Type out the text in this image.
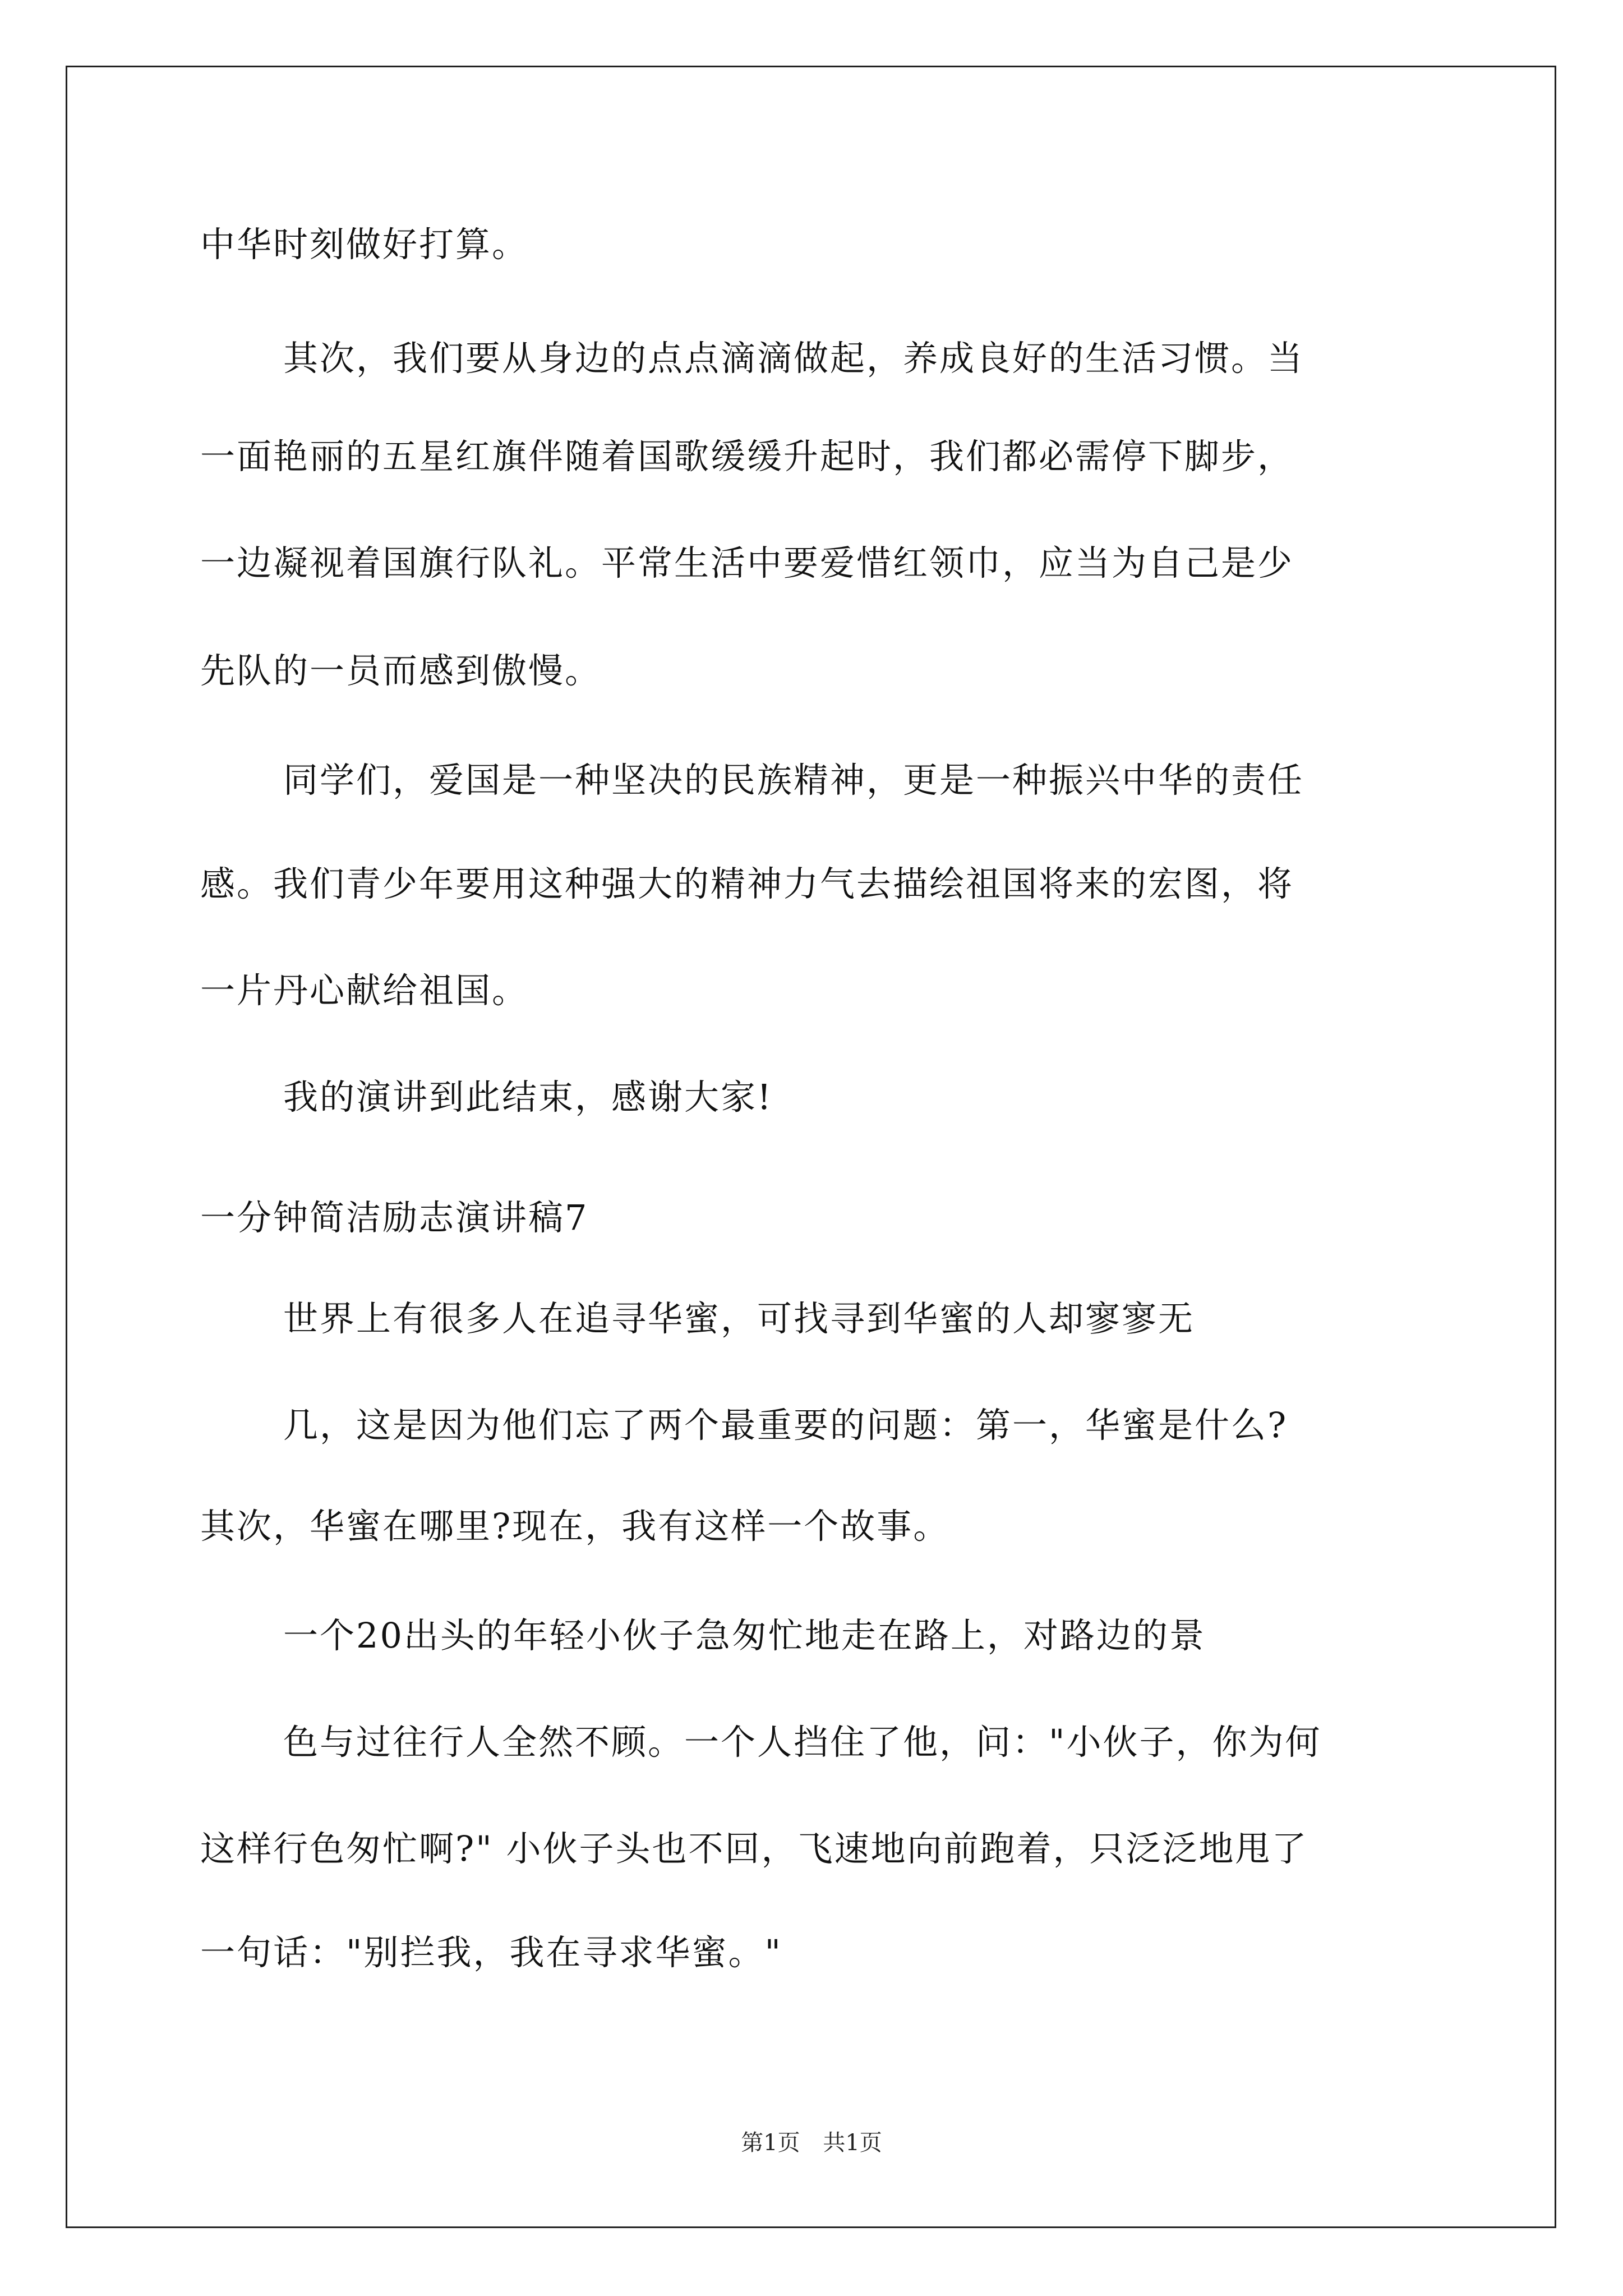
中华时刻做好打算。
其次，我们要从身边的点点滴滴做起，养成良好的生活习惯。当
一面艳丽的五星红旗伴随着国歌缓缓升起时，我们都必需停下脚步，
一边凝视着国旗行队礼。平常生活中要爱惜红领巾，应当为自己是少
先队的一员而感到傲慢。
同学们，爱国是一种坚决的民族精神，更是一种振兴中华的责任
感。我们青少年要用这种强大的精神力气去描绘祖国将来的宏图，将
一片丹心献给祖国。
我的演讲到此结束，感谢大家!
一分钟简洁励志演讲稿7
世界上有很多人在追寻华蜜，可找寻到华蜜的人却寥寥无
几，这是因为他们忘了两个最重要的问题：第一，华蜜是什么?
其次，华蜜在哪里?现在，我有这样一个故事。
一个20出头的年轻小伙子急匆忙地走在路上，对路边的景
色与过往行人全然不顾。一个人挡住了他，问："小伙子，你为何
这样行色匆忙啊?" 小伙子头也不回，飞速地向前跑着，只泛泛地甩了
一句话："别拦我，我在寻求华蜜。"
第1页 共1页
